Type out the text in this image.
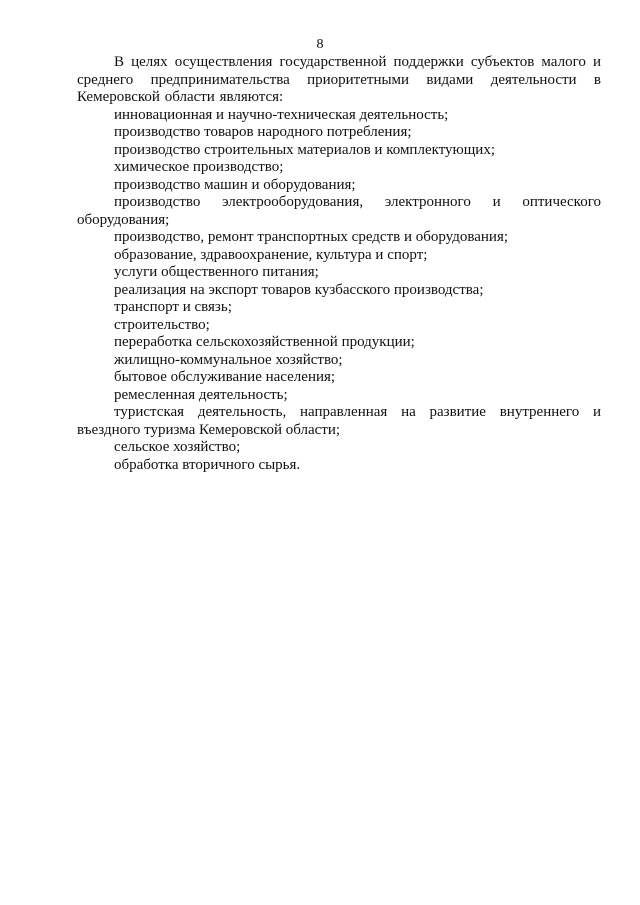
8

В целях осуществления государственной поддержки субъектов малого и среднего предпринимательства приоритетными видами деятельности в Кемеровской области являются:

инновационная и научно-техническая деятельность;

производство товаров народного потребления;

производство строительных материалов и комплектующих;

химическое производство;

производство машин и оборудования;

производство электрооборудования, электронного и оптического оборудования;

производство, ремонт транспортных средств и оборудования;

образование, здравоохранение, культура и спорт;

услуги общественного питания;

реализация на экспорт товаров кузбасского производства;

транспорт и связь;

строительство;

переработка сельскохозяйственной продукции;

жилищно-коммунальное хозяйство;

бытовое обслуживание населения;

ремесленная деятельность;

туристская деятельность, направленная на развитие внутреннего и въездного туризма Кемеровской области;

сельское хозяйство;

обработка вторичного сырья.
